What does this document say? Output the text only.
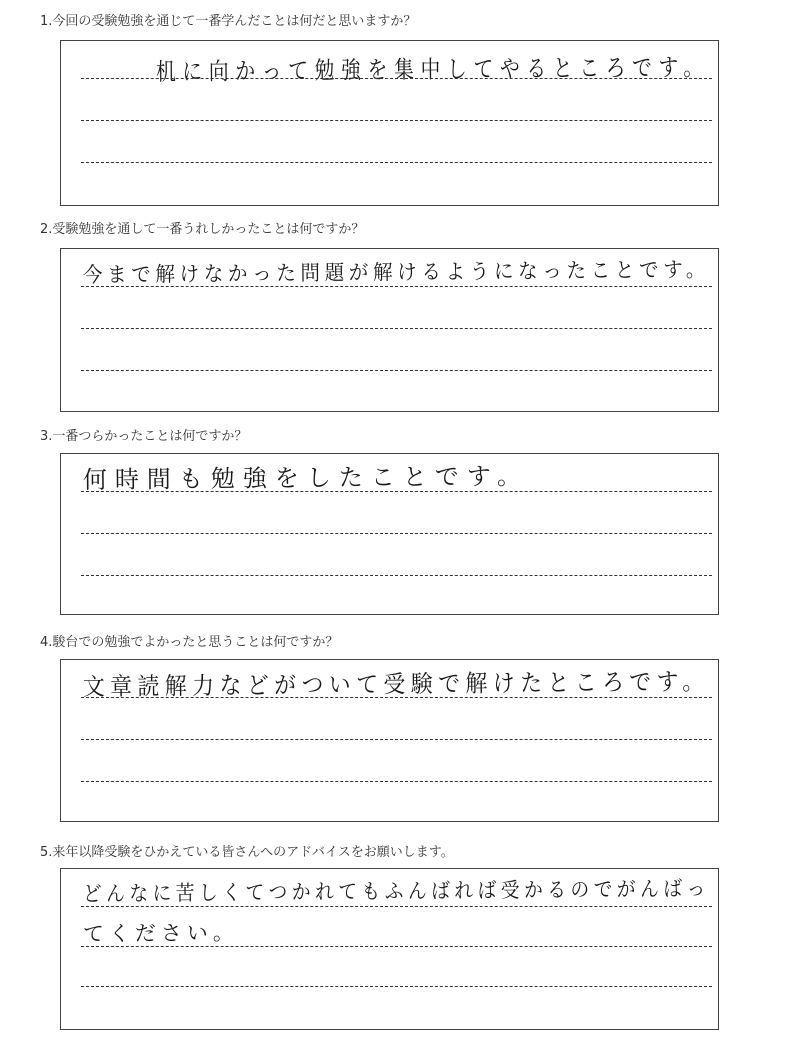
1.今回の受験勉強を通じて一番学んだことは何だと思いますか？
机に向かって勉強を集中してやるところです。
2.受験勉強を通して一番うれしかったことは何ですか？
今まで解けなかった問題が解けるようになったことです。
3.一番つらかったことは何ですか？
何時間も勉強をしたことです。
4.駿台での勉強でよかったと思うことは何ですか？
文章読解力などがついて受験で解けたところです。
5.来年以降受験をひかえている皆さんへのアドバイスをお願いします。
どんなに苦しくてつかれてもふんばれば受かるのでがんばっ
てください。
